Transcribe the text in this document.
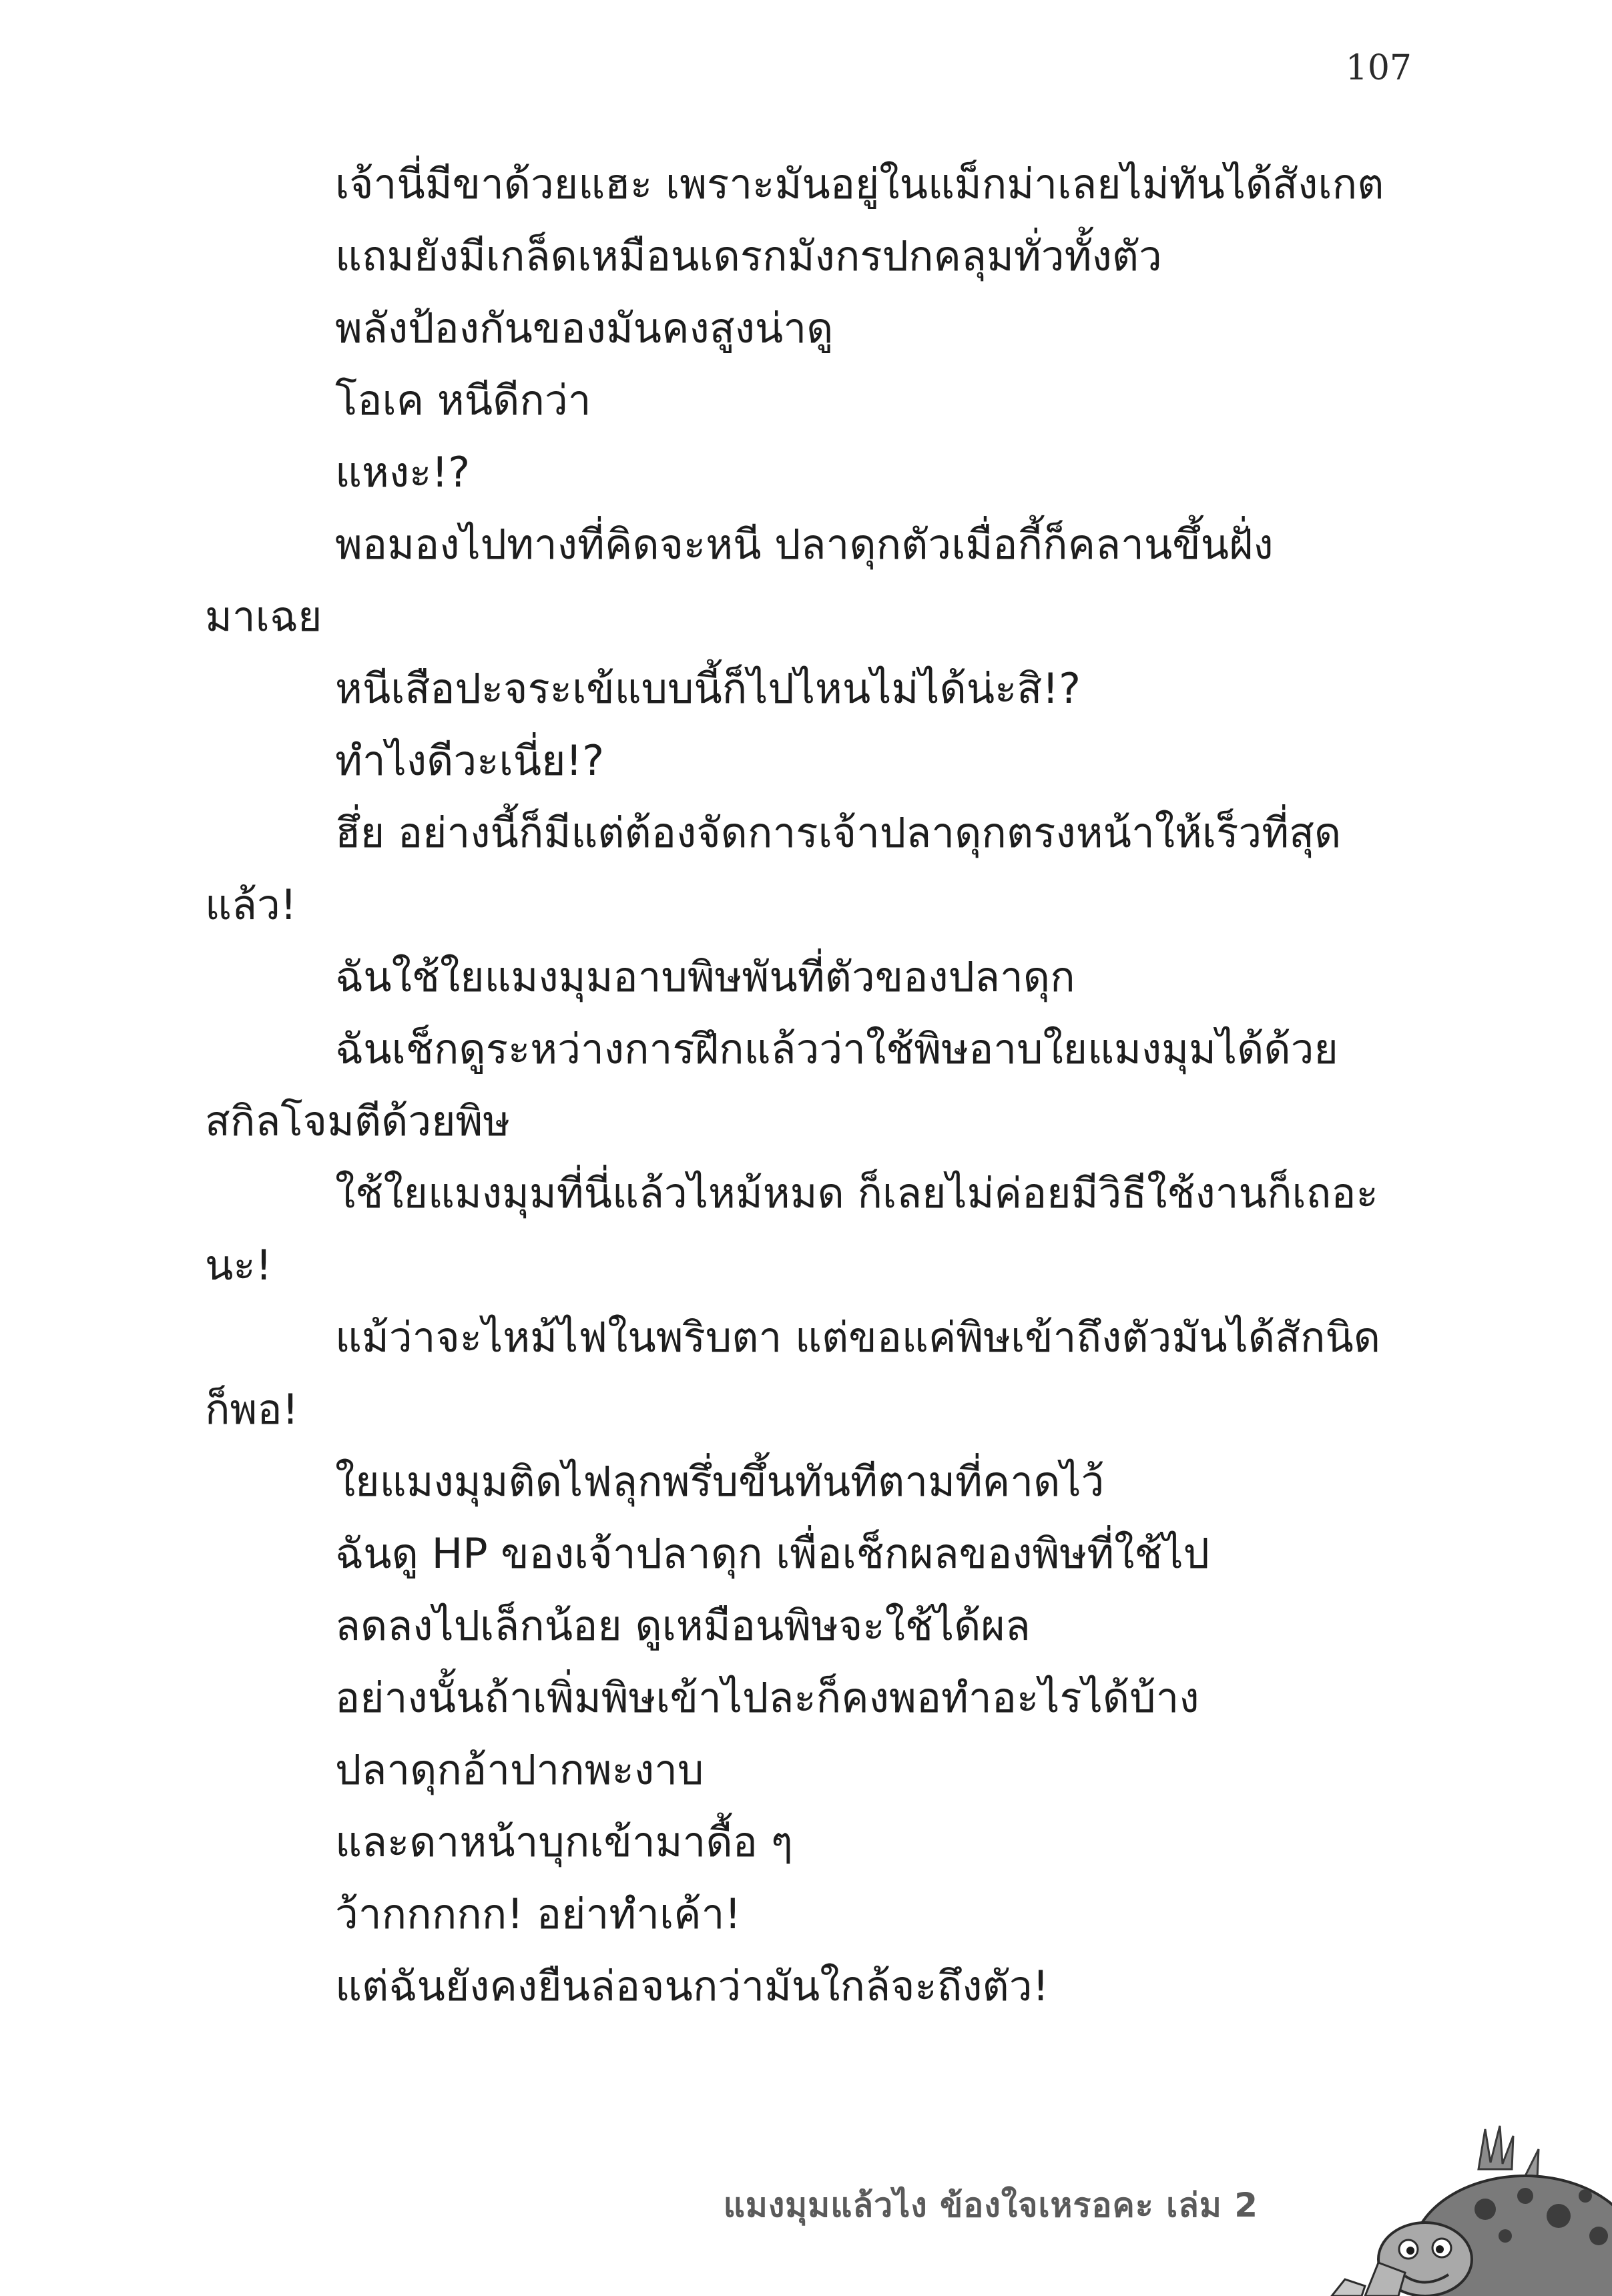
107

เจ้านี่มีขาด้วยแฮะ เพราะมันอยู่ในแม็กม่าเลยไม่ทันได้สังเกต

แถมยังมีเกล็ดเหมือนเดรกมังกรปกคลุมทั่วทั้งตัว

พลังป้องกันของมันคงสูงน่าดู

โอเค หนีดีกว่า

แหงะ!?

พอมองไปทางที่คิดจะหนี ปลาดุกตัวเมื่อกี้ก็คลานขึ้นฝั่ง

มาเฉย

หนีเสือปะจระเข้แบบนี้ก็ไปไหนไม่ได้น่ะสิ!?

ทำไงดีวะเนี่ย!?

ฮึ่ย อย่างนี้ก็มีแต่ต้องจัดการเจ้าปลาดุกตรงหน้าให้เร็วที่สุด

แล้ว!

ฉันใช้ใยแมงมุมอาบพิษพันที่ตัวของปลาดุก

ฉันเช็กดูระหว่างการฝึกแล้วว่าใช้พิษอาบใยแมงมุมได้ด้วย

สกิลโจมตีด้วยพิษ

ใช้ใยแมงมุมที่นี่แล้วไหม้หมด ก็เลยไม่ค่อยมีวิธีใช้งานก็เถอะ

นะ!

แม้ว่าจะไหม้ไฟในพริบตา แต่ขอแค่พิษเข้าถึงตัวมันได้สักนิด

ก็พอ!

ใยแมงมุมติดไฟลุกพรึ่บขึ้นทันทีตามที่คาดไว้

ฉันดู HP ของเจ้าปลาดุก เพื่อเช็กผลของพิษที่ใช้ไป

ลดลงไปเล็กน้อย ดูเหมือนพิษจะใช้ได้ผล

อย่างนั้นถ้าเพิ่มพิษเข้าไปละก็คงพอทำอะไรได้บ้าง

ปลาดุกอ้าปากพะงาบ

และดาหน้าบุกเข้ามาดื้อ ๆ

ว้ากกกกก! อย่าทำเค้า!

แต่ฉันยังคงยืนล่อจนกว่ามันใกล้จะถึงตัว!

แมงมุมแล้วไง ข้องใจเหรอคะ เล่ม 2
